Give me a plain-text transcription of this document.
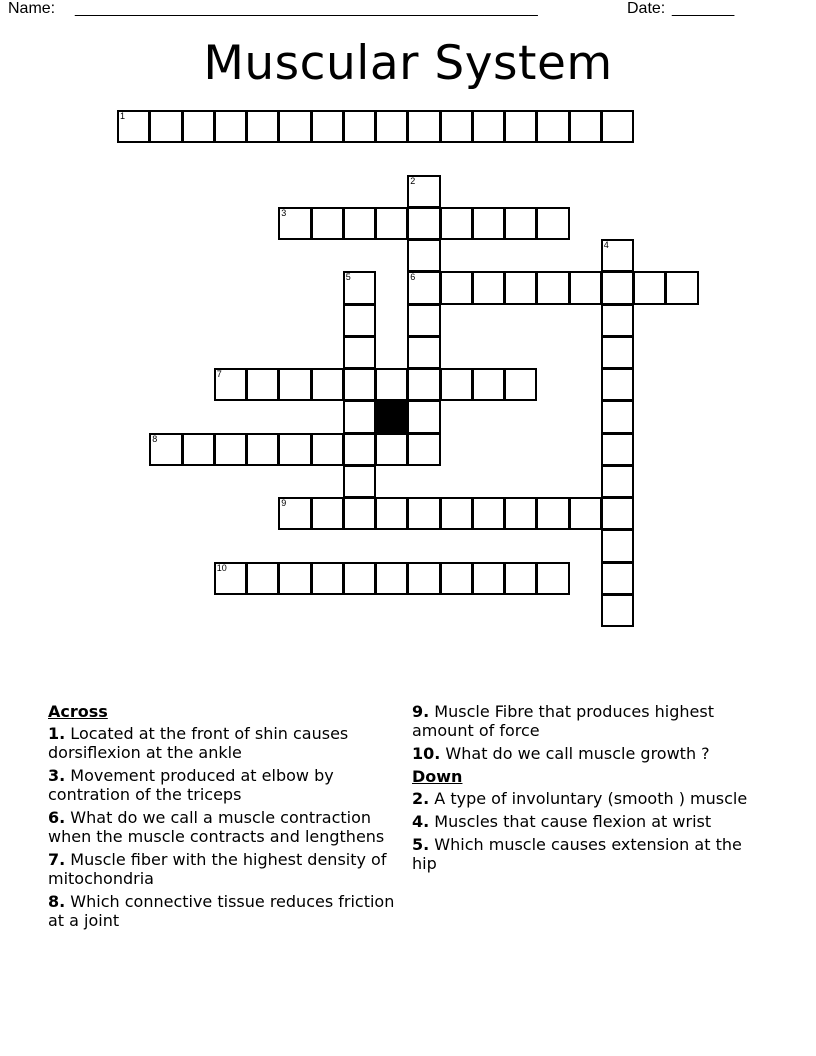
Name: ____________________________________________________	Date: _______
Muscular System
1
2
3
4
5	6
7
8
9
10
Across
1. Located at the front of shin causes dorsiflexion at the ankle
3. Movement produced at elbow by contration of the triceps
6. What do we call a muscle contraction when the muscle contracts and lengthens
7. Muscle fiber with the highest density of mitochondria
8. Which connective tissue reduces friction at a joint
9. Muscle Fibre that produces highest amount of force
10. What do we call muscle growth ?
Down
2. A type of involuntary (smooth ) muscle
4. Muscles that cause flexion at wrist
5. Which muscle causes extension at the hip
